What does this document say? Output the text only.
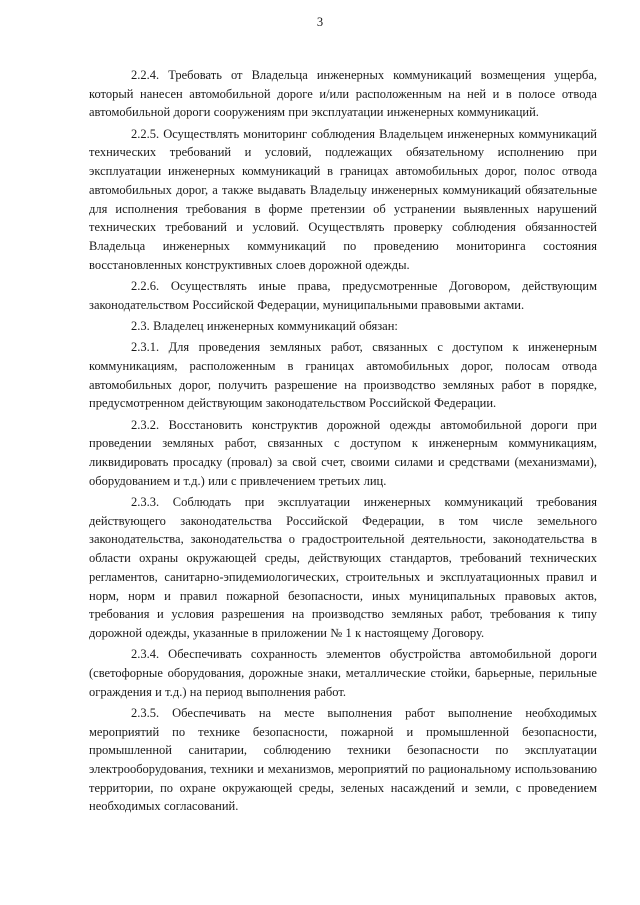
3

2.2.4. Требовать от Владельца инженерных коммуникаций возмещения ущерба, который нанесен автомобильной дороге и/или расположенным на ней и в полосе отвода автомобильной дороги сооружениям при эксплуатации инженерных коммуникаций.

2.2.5. Осуществлять мониторинг соблюдения Владельцем инженерных коммуникаций технических требований и условий, подлежащих обязательному исполнению при эксплуатации инженерных коммуникаций в границах автомобильных дорог, полос отвода автомобильных дорог, а также выдавать Владельцу инженерных коммуникаций обязательные для исполнения требования в форме претензии об устранении выявленных нарушений технических требований и условий. Осуществлять проверку соблюдения обязанностей Владельца инженерных коммуникаций по проведению мониторинга состояния восстановленных конструктивных слоев дорожной одежды.

2.2.6. Осуществлять иные права, предусмотренные Договором, действующим законодательством Российской Федерации, муниципальными правовыми актами.

2.3. Владелец инженерных коммуникаций обязан:

2.3.1. Для проведения земляных работ, связанных с доступом к инженерным коммуникациям, расположенным в границах автомобильных дорог, полосам отвода автомобильных дорог, получить разрешение на производство земляных работ в порядке, предусмотренном действующим законодательством Российской Федерации.

2.3.2. Восстановить конструктив дорожной одежды автомобильной дороги при проведении земляных работ, связанных с доступом к инженерным коммуникациям, ликвидировать просадку (провал) за свой счет, своими силами и средствами (механизмами), оборудованием и т.д.) или с привлечением третьих лиц.

2.3.3. Соблюдать при эксплуатации инженерных коммуникаций требования действующего законодательства Российской Федерации, в том числе земельного законодательства, законодательства о градостроительной деятельности, законодательства в области охраны окружающей среды, действующих стандартов, требований технических регламентов, санитарно-эпидемиологических, строительных и эксплуатационных правил и норм, норм и правил пожарной безопасности, иных муниципальных правовых актов, требования и условия разрешения на производство земляных работ, требования к типу дорожной одежды, указанные в приложении № 1 к настоящему Договору.

2.3.4. Обеспечивать сохранность элементов обустройства автомобильной дороги (светофорные оборудования, дорожные знаки, металлические стойки, барьерные, перильные ограждения и т.д.) на период выполнения работ.

2.3.5. Обеспечивать на месте выполнения работ выполнение необходимых мероприятий по технике безопасности, пожарной и промышленной безопасности, промышленной санитарии, соблюдению техники безопасности по эксплуатации электрооборудования, техники и механизмов, мероприятий по рациональному использованию территории, по охране окружающей среды, зеленых насаждений и земли, с проведением необходимых согласований.
